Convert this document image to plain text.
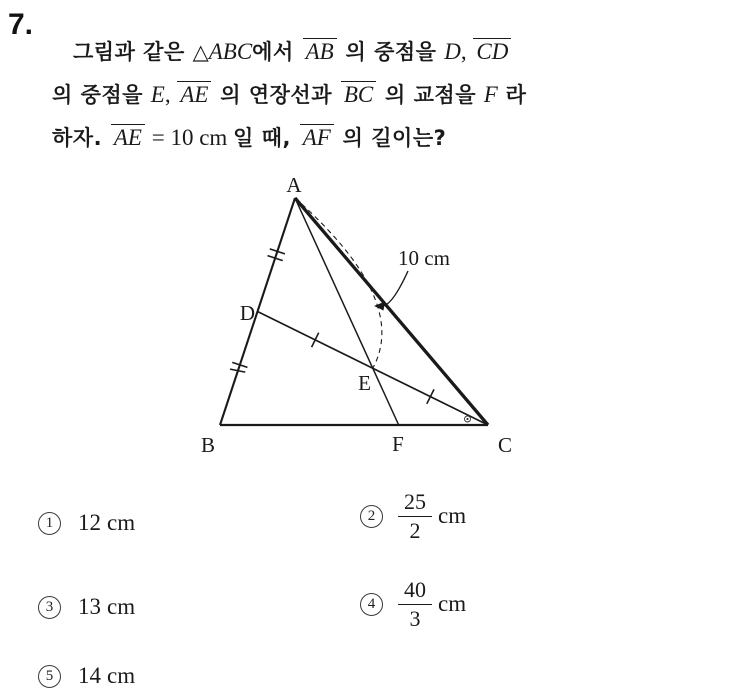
7.

그림과 같은 △ABC에서 AB 의 중점을 D, CD

의 중점을 E, AE 의 연장선과 BC 의 교점을 F 라

하자. AE = 10 cm 일 때, AF 의 길이는?

A
B	C
D
E
F
10 cm
1	12 cm	2	$\frac{25}{2}$ cm
3	13 cm	4	$\frac{40}{3}$ cm
5	14 cm
